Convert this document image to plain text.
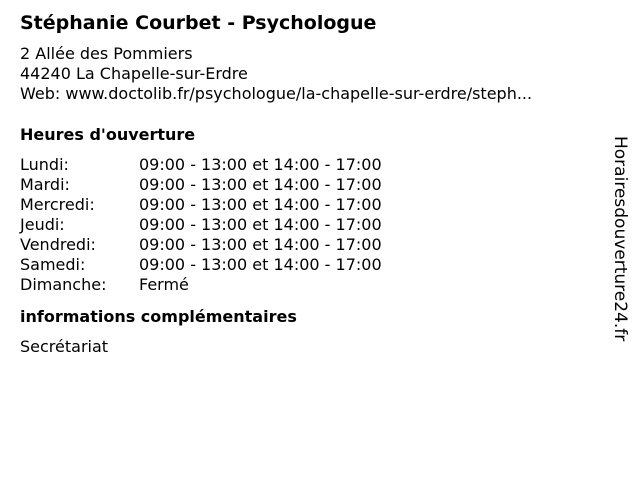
Stéphanie Courbet - Psychologue
2 Allée des Pommiers
44240 La Chapelle-sur-Erdre
Web: www.doctolib.fr/psychologue/la-chapelle-sur-erdre/steph...
Heures d'ouverture
Lundi:	09:00 - 13:00 et 14:00 - 17:00
Mardi:	09:00 - 13:00 et 14:00 - 17:00
Mercredi:	09:00 - 13:00 et 14:00 - 17:00
Jeudi:	09:00 - 13:00 et 14:00 - 17:00
Vendredi:	09:00 - 13:00 et 14:00 - 17:00
Samedi:	09:00 - 13:00 et 14:00 - 17:00
Dimanche:	Fermé
informations complémentaires
Secrétariat
Horairesdouverture24.fr
